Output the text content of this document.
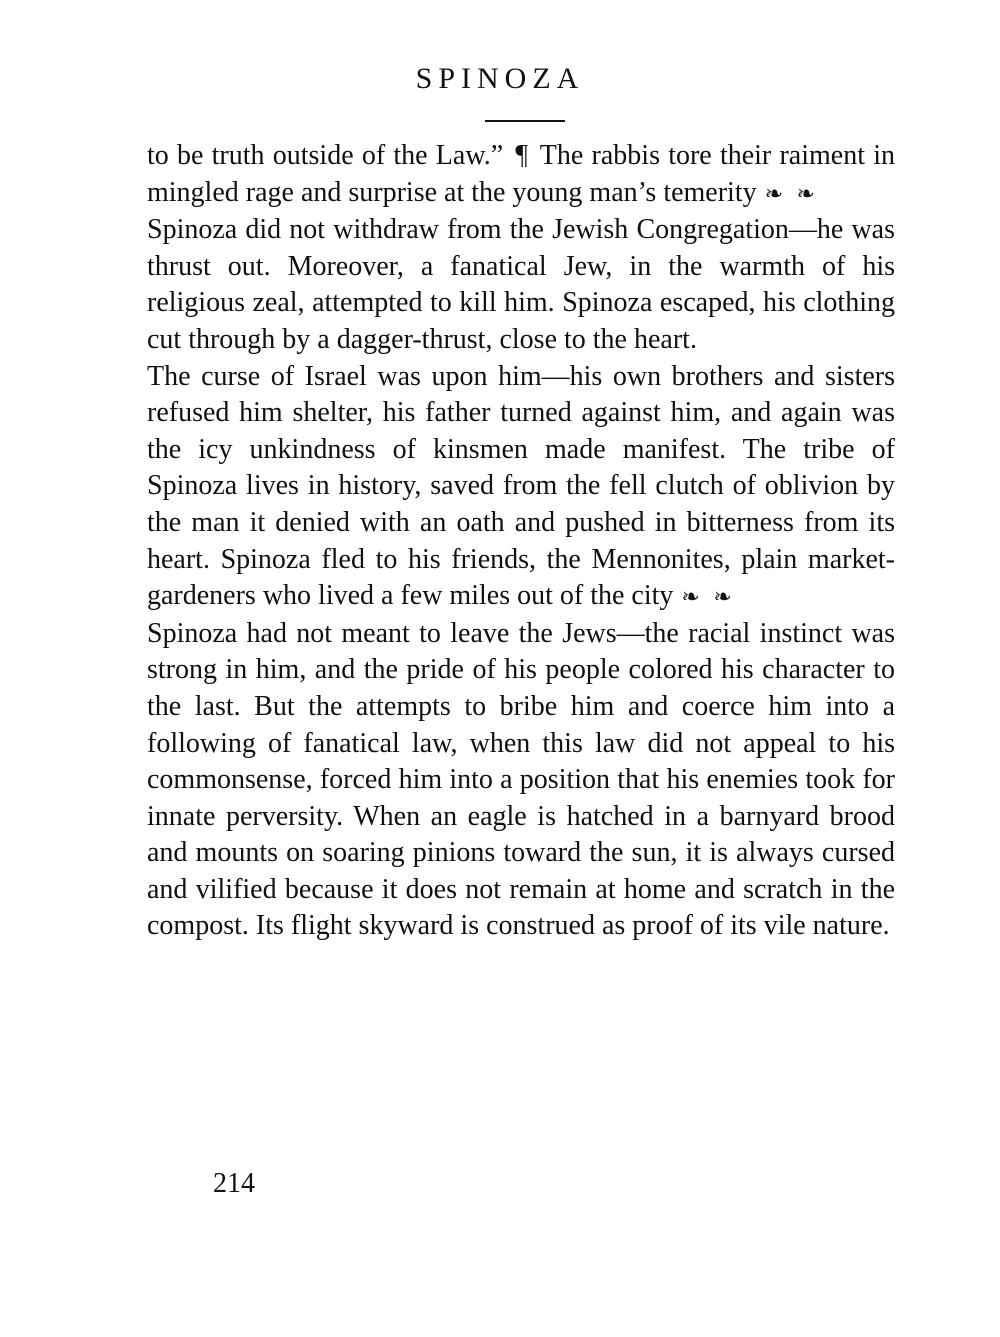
SPINOZA

to be truth outside of the Law.” ¶ The rabbis tore their raiment in mingled rage and surprise at the young man’s temerity ❧ ❧

Spinoza did not withdraw from the Jewish Congregation—he was thrust out. Moreover, a fanatical Jew, in the warmth of his religious zeal, attempted to kill him. Spinoza escaped, his clothing cut through by a dagger-thrust, close to the heart.

The curse of Israel was upon him—his own brothers and sisters refused him shelter, his father turned against him, and again was the icy unkindness of kinsmen made manifest. The tribe of Spinoza lives in history, saved from the fell clutch of oblivion by the man it denied with an oath and pushed in bitterness from its heart. Spinoza fled to his friends, the Mennonites, plain market-gardeners who lived a few miles out of the city ❧ ❧

Spinoza had not meant to leave the Jews—the racial instinct was strong in him, and the pride of his people colored his character to the last. But the attempts to bribe him and coerce him into a following of fanatical law, when this law did not appeal to his commonsense, forced him into a position that his enemies took for innate perversity. When an eagle is hatched in a barnyard brood and mounts on soaring pinions toward the sun, it is always cursed and vilified because it does not remain at home and scratch in the compost. Its flight skyward is construed as proof of its vile nature.

214
